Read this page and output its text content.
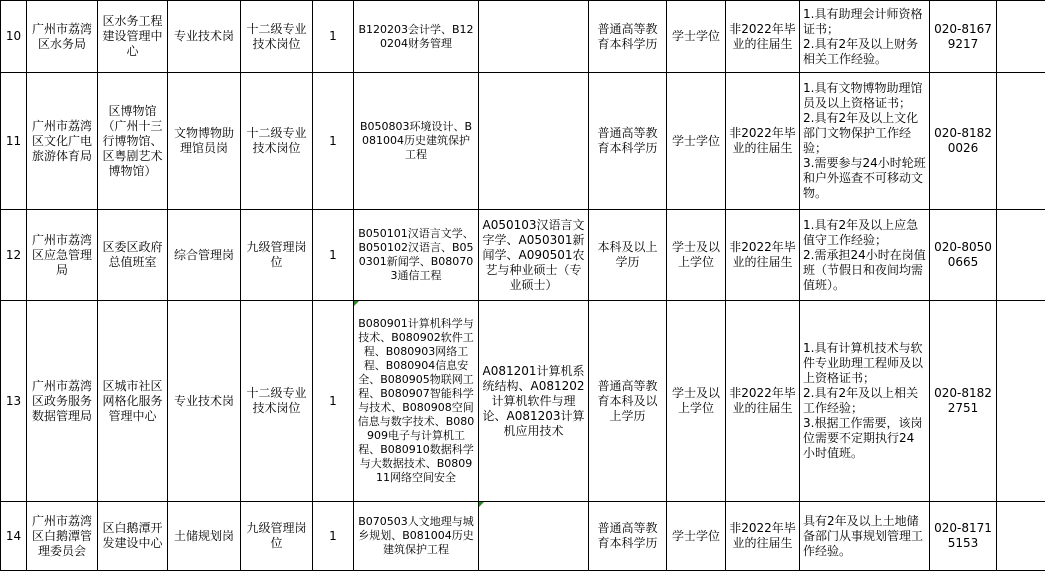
10	广州市荔湾区水务局	区水务工程建设管理中心	专业技术岗	十二级专业技术岗位	1	B120203会计学、B120204财务管理		普通高等教育本科学历	学士学位	非2022年毕业的往届生	1.具有助理会计师资格证书；
2.具有2年及以上财务相关工作经验。	020-81679217	
11	广州市荔湾区文化广电旅游体育局	区博物馆（广州十三行博物馆、区粤剧艺术博物馆）	文物博物助理馆员岗	十二级专业技术岗位	1	B050803环境设计、B081004历史建筑保护工程		普通高等教育本科学历	学士学位	非2022年毕业的往届生	1.具有文物博物助理馆员及以上资格证书；
2.具有2年及以上文化部门文物保护工作经验；
3.需要参与24小时轮班和户外巡查不可移动文物。	020-81820026	
12	广州市荔湾区应急管理局	区委区政府总值班室	综合管理岗	九级管理岗位	1	B050101汉语言文学、B050102汉语言、B050301新闻学、B080703通信工程	A050103汉语言文字学、A050301新闻学、A090501农艺与种业硕士（专业硕士）	本科及以上学历	学士及以上学位	非2022年毕业的往届生	1.具有2年及以上应急值守工作经验；
2.需承担24小时在岗值班（节假日和夜间均需值班）。	020-80500665	
13	广州市荔湾区政务服务数据管理局	区城市社区网格化服务管理中心	专业技术岗	十二级专业技术岗位	1	B080901计算机科学与技术、B080902软件工程、B080903网络工程、B080904信息安全、B080905物联网工程、B080907智能科学与技术、B080908空间信息与数字技术、B080909电子与计算机工程、B080910数据科学与大数据技术、B080911网络空间安全	A081201计算机系统结构、A081202计算机软件与理论、A081203计算机应用技术	普通高等教育本科及以上学历	学士及以上学位	非2022年毕业的往届生	1.具有计算机技术与软件专业助理工程师及以上资格证书；
2.具有2年及以上相关工作经验；
3.根据工作需要，该岗位需要不定期执行24小时值班。	020-81822751	
14	广州市荔湾区白鹅潭管理委员会	区白鹅潭开发建设中心	土储规划岗	九级管理岗位	1	B070503人文地理与城乡规划、B081004历史建筑保护工程		普通高等教育本科学历	学士学位	非2022年毕业的往届生	具有2年及以上土地储备部门从事规划管理工作经验。	020-81715153	
